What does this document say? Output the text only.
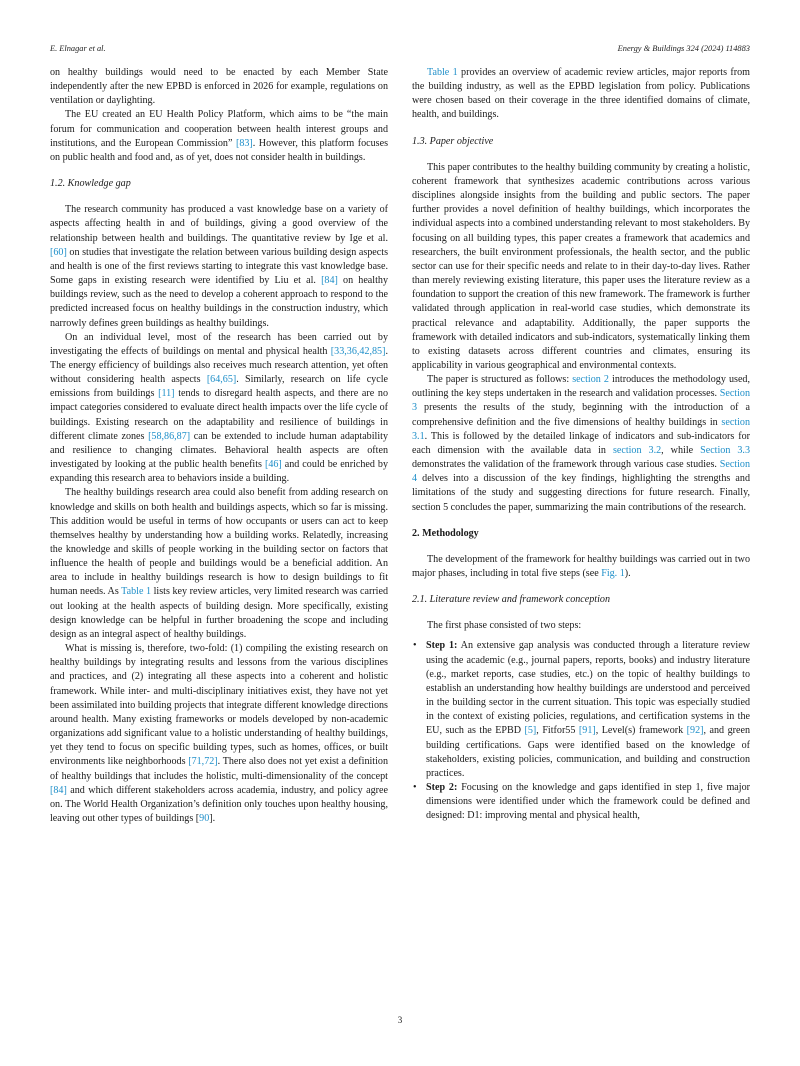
E. Elnagar et al.	Energy & Buildings 324 (2024) 114883

on healthy buildings would need to be enacted by each Member State independently after the new EPBD is enforced in 2026 for example, regulations on ventilation or daylighting.

The EU created an EU Health Policy Platform, which aims to be “the main forum for communication and cooperation between health interest groups and institutions, and the European Commission” [83]. However, this platform focuses on public health and food and, as of yet, does not consider health in buildings.

1.2. Knowledge gap

The research community has produced a vast knowledge base on a variety of aspects affecting health in and of buildings, giving a good overview of the relationship between health and buildings. The quantitative review by Ige et al. [60] on studies that investigate the relation between various building design aspects and health is one of the first reviews starting to integrate this vast knowledge base. Some gaps in existing research were identified by Liu et al. [84] on healthy buildings review, such as the need to develop a coherent approach to respond to the predicted increased focus on healthy buildings in the construction industry, which narrowly defines green buildings as healthy buildings.

On an individual level, most of the research has been carried out by investigating the effects of buildings on mental and physical health [33,36,42,85]. The energy efficiency of buildings also receives much research attention, yet often without considering health aspects [64,65]. Similarly, research on life cycle emissions from buildings [11] tends to disregard health aspects, and there are no impact categories considered to evaluate direct health impacts over the life cycle of buildings. Existing research on the adaptability and resilience of buildings in different climate zones [58,86,87] can be extended to include human adaptability and resilience to changing climates. Behavioral health aspects are often investigated by looking at the public health benefits [46] and could be enriched by expanding this research area to behaviors inside a building.

The healthy buildings research area could also benefit from adding research on knowledge and skills on both health and buildings aspects, which so far is missing. This addition would be useful in terms of how occupants or users can act to keep themselves healthy by understanding how a building works. Relatedly, increasing the knowledge and skills of people working in the building sector on factors that influence the health of people and buildings would be a beneficial addition. An area to include in healthy buildings research is how to design buildings to fit human needs. As Table 1 lists key review articles, very limited research was carried out looking at the health aspects of building design. More specifically, existing design knowledge can be helpful in further broadening the scope and including design as an integral aspect of healthy buildings.

What is missing is, therefore, two-fold: (1) compiling the existing research on healthy buildings by integrating results and lessons from the various disciplines and practices, and (2) integrating all these aspects into a coherent and holistic framework. While inter- and multi-disciplinary initiatives exist, they have not yet been assimilated into building projects that integrate different knowledge directions around health. Many existing frameworks or models developed by non-academic organizations add significant value to a holistic understanding of healthy buildings, yet they tend to focus on specific building types, such as homes, offices, or built environments like neighborhoods [71,72]. There also does not yet exist a definition of healthy buildings that includes the holistic, multi-dimensionality of the concept [84] and which different stakeholders across academia, industry, and policy agree on. The World Health Organization’s definition only touches upon healthy housing, leaving out other types of buildings [90].

Table 1 provides an overview of academic review articles, major reports from the building industry, as well as the EPBD legislation from policy. Publications were chosen based on their coverage in the three identified domains of climate, health, and buildings.

1.3. Paper objective

This paper contributes to the healthy building community by creating a holistic, coherent framework that synthesizes academic contributions across various disciplines alongside insights from the building and public sectors. The paper further provides a novel definition of healthy buildings, which incorporates the individual aspects into a combined understanding relevant to most stakeholders. By focusing on all building types, this paper creates a framework that academics and researchers, the built environment professionals, the health sector, and the public sector can use for their specific needs and relate to in their day-to-day lives. Rather than merely reviewing existing literature, this paper uses the literature review as a foundation to support the creation of this new framework. The framework is further validated through application in real-world case studies, which demonstrate its practical relevance and adaptability. Additionally, the paper supports the framework with detailed indicators and sub-indicators, systematically linking them to existing datasets across different countries and climates, ensuring its applicability in various geographical and environmental contexts.

The paper is structured as follows: section 2 introduces the methodology used, outlining the key steps undertaken in the research and validation processes. Section 3 presents the results of the study, beginning with the introduction of a comprehensive definition and the five dimensions of healthy buildings in section 3.1. This is followed by the detailed linkage of indicators and sub-indicators for each dimension with the available data in section 3.2, while Section 3.3 demonstrates the validation of the framework through various case studies. Section 4 delves into a discussion of the key findings, highlighting the strengths and limitations of the study and suggesting directions for future research. Finally, section 5 concludes the paper, summarizing the main contributions of the research.

2. Methodology

The development of the framework for healthy buildings was carried out in two major phases, including in total five steps (see Fig. 1).

2.1. Literature review and framework conception

The first phase consisted of two steps:

• Step 1: An extensive gap analysis was conducted through a literature review using the academic (e.g., journal papers, reports, books) and industry literature (e.g., market reports, case studies, etc.) on the topic of healthy buildings to establish an understanding how healthy buildings are understood and perceived in the building sector in the current situation. This topic was especially studied in the context of existing policies, regulations, and certification systems in the EU, such as the EPBD [5], Fitfor55 [91], Level(s) framework [92], and green building certifications. Gaps were identified based on the knowledge of stakeholders, existing policies, communication, and building and construction practices.
• Step 2: Focusing on the knowledge and gaps identified in step 1, five major dimensions were identified under which the framework could be defined and designed: D1: improving mental and physical health,
3
